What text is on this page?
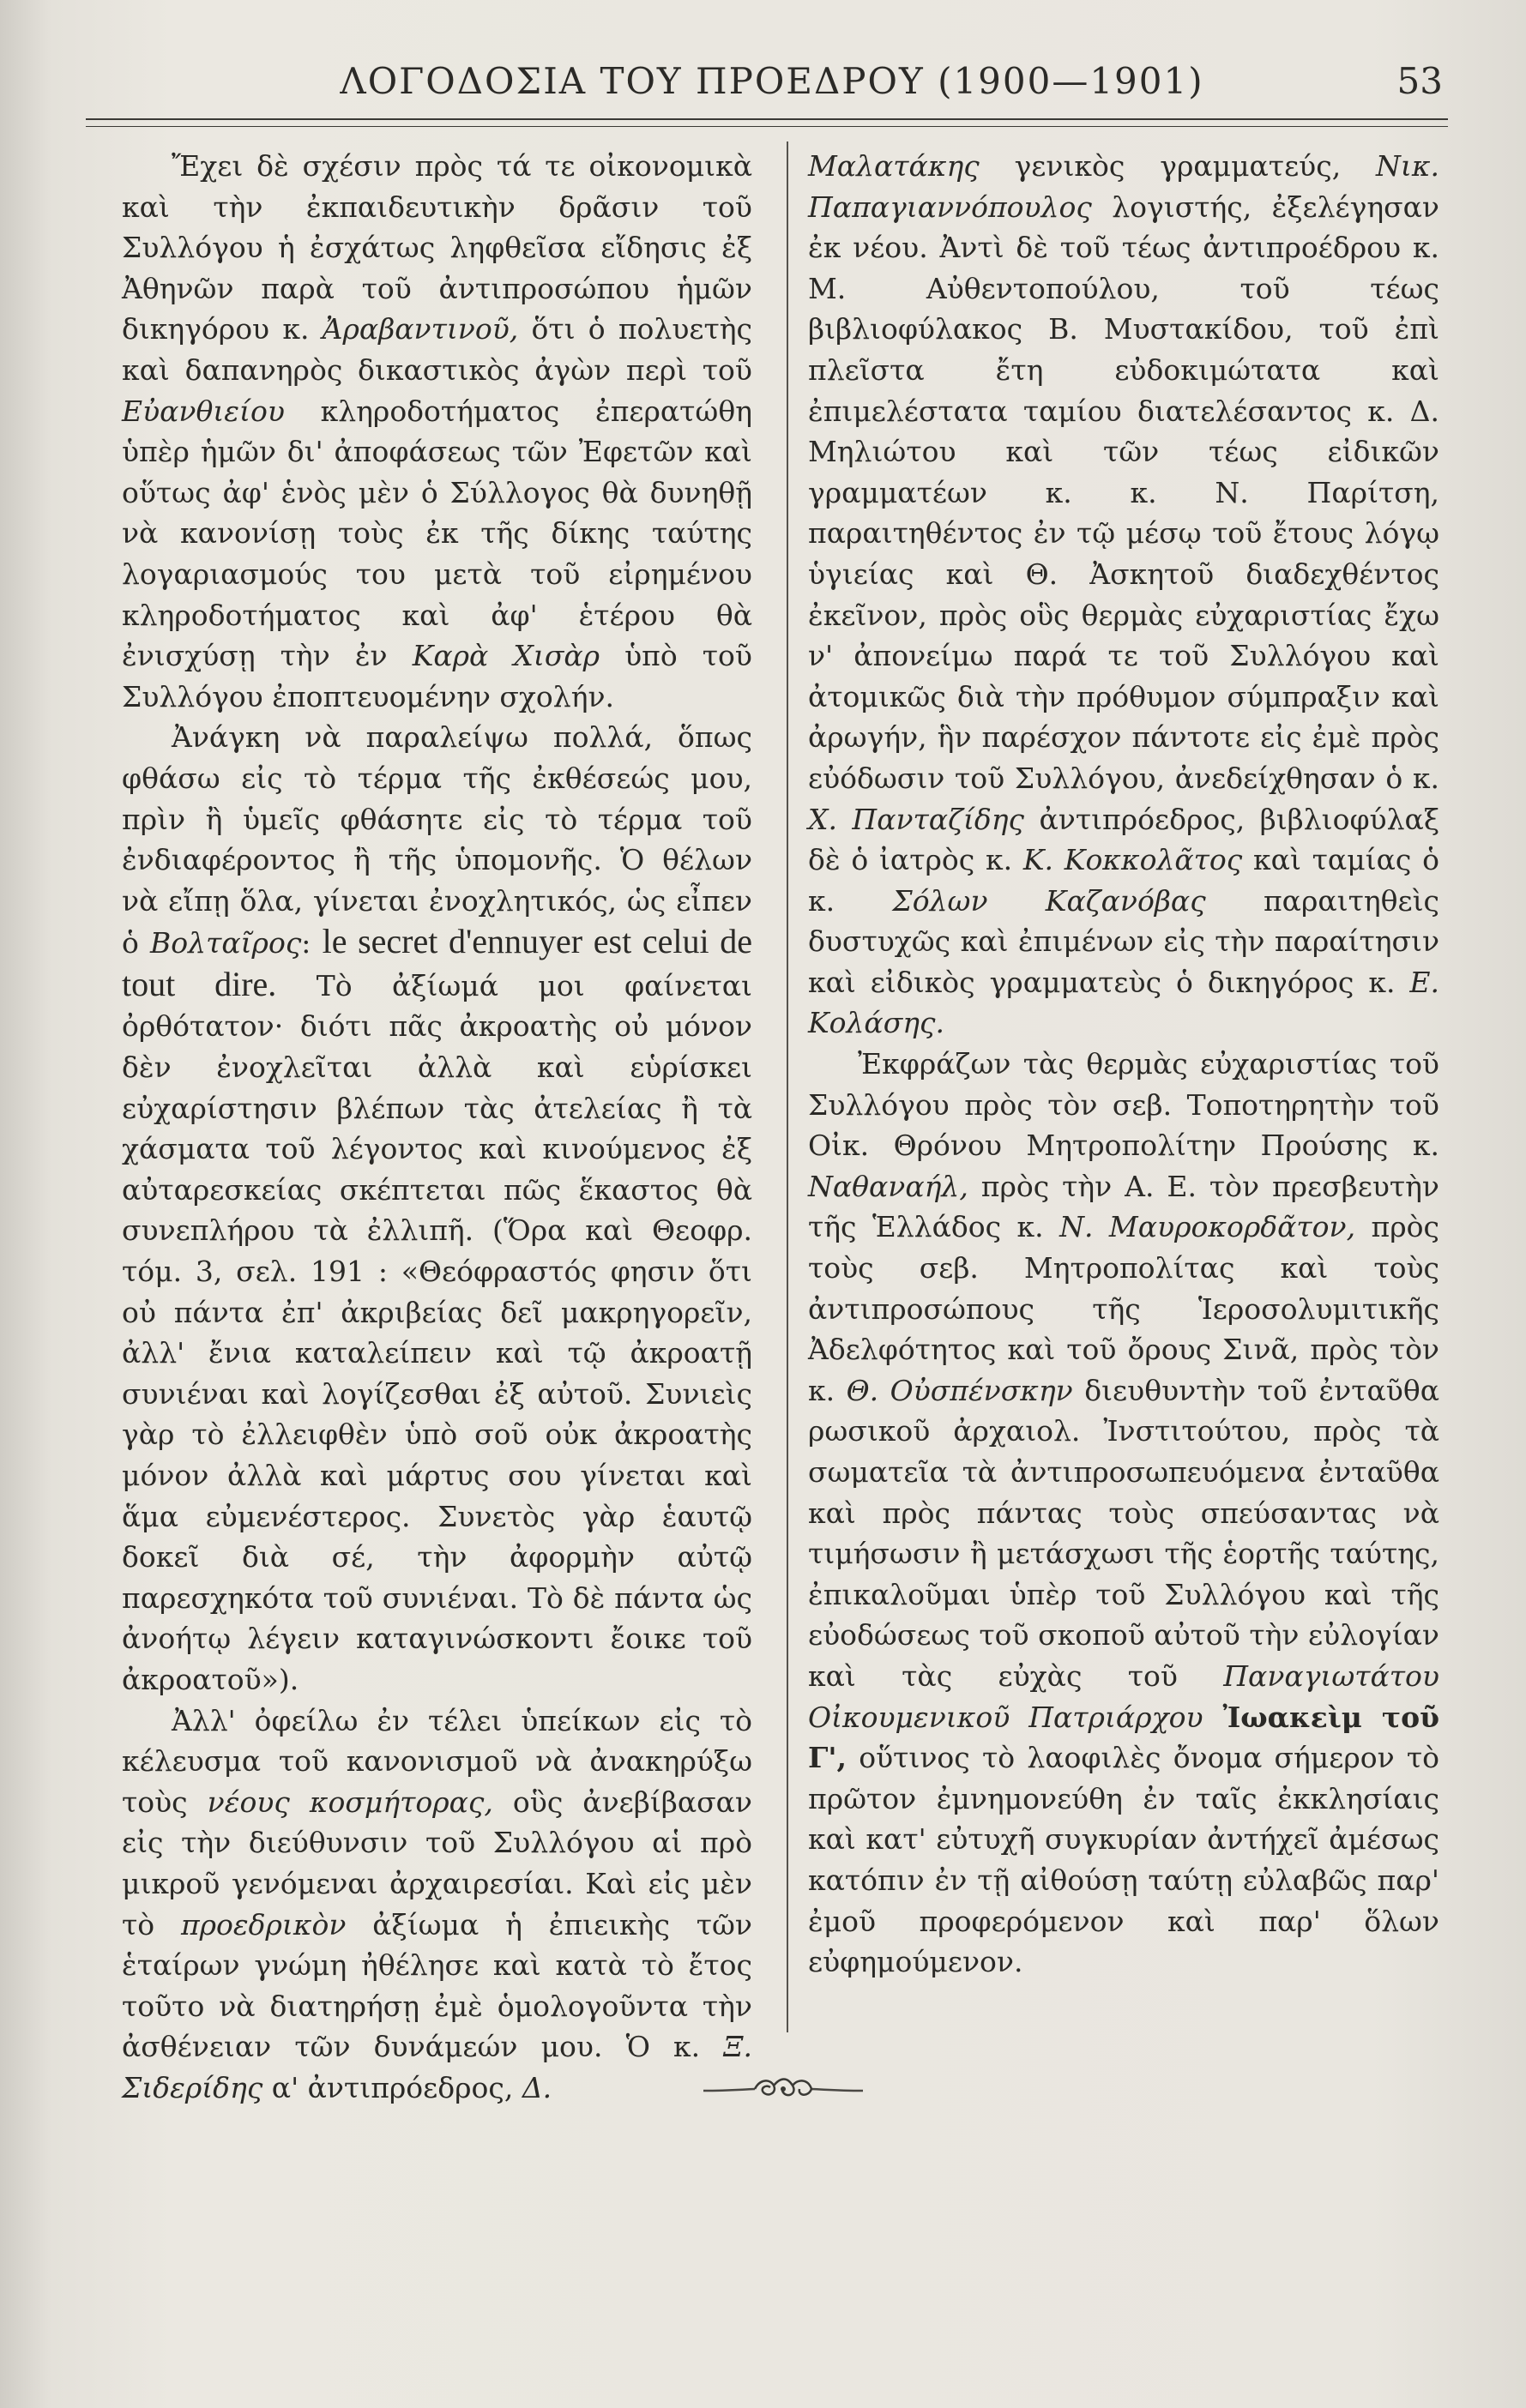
ΛΟΓΟΔΟΣΙΑ ΤΟΥ ΠΡΟΕΔΡΟΥ (1900—1901)	53

Ἔχει δὲ σχέσιν πρὸς τά τε οἰκονομικὰ καὶ τὴν ἐκπαιδευτικὴν δρᾶσιν τοῦ Συλλόγου ἡ ἐσχάτως ληφθεῖσα εἴδησις ἐξ Ἀθηνῶν παρὰ τοῦ ἀντιπροσώπου ἡμῶν δικηγόρου κ. Ἀραβαντινοῦ, ὅτι ὁ πολυετὴς καὶ δαπανηρὸς δικαστικὸς ἀγὼν περὶ τοῦ Εὐανθιείου κληροδοτήματος ἐπερατώθη ὑπὲρ ἡμῶν δι' ἀποφάσεως τῶν Ἐφετῶν καὶ οὕτως ἀφ' ἑνὸς μὲν ὁ Σύλλογος θὰ δυνηθῇ νὰ κανονίσῃ τοὺς ἐκ τῆς δίκης ταύτης λογαριασμούς του μετὰ τοῦ εἰρημένου κληροδοτήματος καὶ ἀφ' ἑτέρου θὰ ἐνισχύσῃ τὴν ἐν Καρὰ Χισὰρ ὑπὸ τοῦ Συλλόγου ἐποπτευομένην σχολήν.

Ἀνάγκη νὰ παραλείψω πολλά, ὅπως φθάσω εἰς τὸ τέρμα τῆς ἐκθέσεώς μου, πρὶν ἢ ὑμεῖς φθάσητε εἰς τὸ τέρμα τοῦ ἐνδιαφέροντος ἢ τῆς ὑπομονῆς. Ὁ θέλων νὰ εἴπῃ ὅλα, γίνεται ἐνοχλητικός, ὡς εἶπεν ὁ Βολταῖρος: le secret d'ennuyer est celui de tout dire. Τὸ ἀξίωμά μοι φαίνεται ὀρθότατον· διότι πᾶς ἀκροατὴς οὐ μόνον δὲν ἐνοχλεῖται ἀλλὰ καὶ εὑρίσκει εὐχαρίστησιν βλέπων τὰς ἀτελείας ἢ τὰ χάσματα τοῦ λέγοντος καὶ κινούμενος ἐξ αὐταρεσκείας σκέπτεται πῶς ἕκαστος θὰ συνεπλήρου τὰ ἐλλιπῆ. (Ὅρα καὶ Θεοφρ. τόμ. 3, σελ. 191 : «Θεόφραστός φησιν ὅτι οὐ πάντα ἐπ' ἀκριβείας δεῖ μακρηγορεῖν, ἀλλ' ἔνια καταλείπειν καὶ τῷ ἀκροατῇ συνιέναι καὶ λογίζεσθαι ἐξ αὐτοῦ. Συνιεὶς γὰρ τὸ ἐλλειφθὲν ὑπὸ σοῦ οὐκ ἀκροατὴς μόνον ἀλλὰ καὶ μάρτυς σου γίνεται καὶ ἅμα εὐμενέστερος. Συνετὸς γὰρ ἑαυτῷ δοκεῖ διὰ σέ, τὴν ἀφορμὴν αὐτῷ παρεσχηκότα τοῦ συνιέναι. Τὸ δὲ πάντα ὡς ἀνοήτῳ λέγειν καταγινώσκοντι ἔοικε τοῦ ἀκροατοῦ»).

Ἀλλ' ὀφείλω ἐν τέλει ὑπείκων εἰς τὸ κέλευσμα τοῦ κανονισμοῦ νὰ ἀνακηρύξω τοὺς νέους κοσμήτορας, οὓς ἀνεβίβασαν εἰς τὴν διεύθυνσιν τοῦ Συλλόγου αἱ πρὸ μικροῦ γενόμεναι ἀρχαιρεσίαι. Καὶ εἰς μὲν τὸ προεδρικὸν ἀξίωμα ἡ ἐπιεικὴς τῶν ἑταίρων γνώμη ἠθέλησε καὶ κατὰ τὸ ἔτος τοῦτο νὰ διατηρήσῃ ἐμὲ ὁμολογοῦντα τὴν ἀσθένειαν τῶν δυνάμεών μου. Ὁ κ. Ξ. Σιδερίδης α' ἀντιπρόεδρος, Δ.

Μαλατάκης γενικὸς γραμματεύς, Νικ. Παπαγιαννόπουλος λογιστής, ἐξελέγησαν ἐκ νέου. Ἀντὶ δὲ τοῦ τέως ἀντιπροέδρου κ. Μ. Αὐθεντοπούλου, τοῦ τέως βιβλιοφύλακος Β. Μυστακίδου, τοῦ ἐπὶ πλεῖστα ἔτη εὐδοκιμώτατα καὶ ἐπιμελέστατα ταμίου διατελέσαντος κ. Δ. Μηλιώτου καὶ τῶν τέως εἰδικῶν γραμματέων κ. κ. Ν. Παρίτση, παραιτηθέντος ἐν τῷ μέσῳ τοῦ ἔτους λόγῳ ὑγιείας καὶ Θ. Ἀσκητοῦ διαδεχθέντος ἐκεῖνον, πρὸς οὓς θερμὰς εὐχαριστίας ἔχω ν' ἀπονείμω παρά τε τοῦ Συλλόγου καὶ ἀτομικῶς διὰ τὴν πρόθυμον σύμπραξιν καὶ ἀρωγήν, ἣν παρέσχον πάντοτε εἰς ἐμὲ πρὸς εὐόδωσιν τοῦ Συλλόγου, ἀνεδείχθησαν ὁ κ. Χ. Πανταζίδης ἀντιπρόεδρος, βιβλιοφύλαξ δὲ ὁ ἰατρὸς κ. Κ. Κοκκολᾶτος καὶ ταμίας ὁ κ. Σόλων Καζανόβας παραιτηθεὶς δυστυχῶς καὶ ἐπιμένων εἰς τὴν παραίτησιν καὶ εἰδικὸς γραμματεὺς ὁ δικηγόρος κ. Ε. Κολάσης.

Ἐκφράζων τὰς θερμὰς εὐχαριστίας τοῦ Συλλόγου πρὸς τὸν σεβ. Τοποτηρητὴν τοῦ Οἰκ. Θρόνου Μητροπολίτην Προύσης κ. Ναθαναήλ, πρὸς τὴν Α. Ε. τὸν πρεσβευτὴν τῆς Ἑλλάδος κ. Ν. Μαυροκορδᾶτον, πρὸς τοὺς σεβ. Μητροπολίτας καὶ τοὺς ἀντιπροσώπους τῆς Ἱεροσολυμιτικῆς Ἀδελφότητος καὶ τοῦ ὄρους Σινᾶ, πρὸς τὸν κ. Θ. Οὐσπένσκην διευθυντὴν τοῦ ἐνταῦθα ρωσικοῦ ἀρχαιολ. Ἰνστιτούτου, πρὸς τὰ σωματεῖα τὰ ἀντιπροσωπευόμενα ἐνταῦθα καὶ πρὸς πάντας τοὺς σπεύσαντας νὰ τιμήσωσιν ἢ μετάσχωσι τῆς ἑορτῆς ταύτης, ἐπικαλοῦμαι ὑπὲρ τοῦ Συλλόγου καὶ τῆς εὐοδώσεως τοῦ σκοποῦ αὐτοῦ τὴν εὐλογίαν καὶ τὰς εὐχὰς τοῦ Παναγιωτάτου Οἰκουμενικοῦ Πατριάρχου Ἰωακεὶμ τοῦ Γ', οὕτινος τὸ λαοφιλὲς ὄνομα σήμερον τὸ πρῶτον ἐμνημονεύθη ἐν ταῖς ἐκκλησίαις καὶ κατ' εὐτυχῆ συγκυρίαν ἀντήχεῖ ἀμέσως κατόπιν ἐν τῇ αἰθούσῃ ταύτῃ εὐλαβῶς παρ' ἐμοῦ προφερόμενον καὶ παρ' ὅλων εὐφημούμενον.
